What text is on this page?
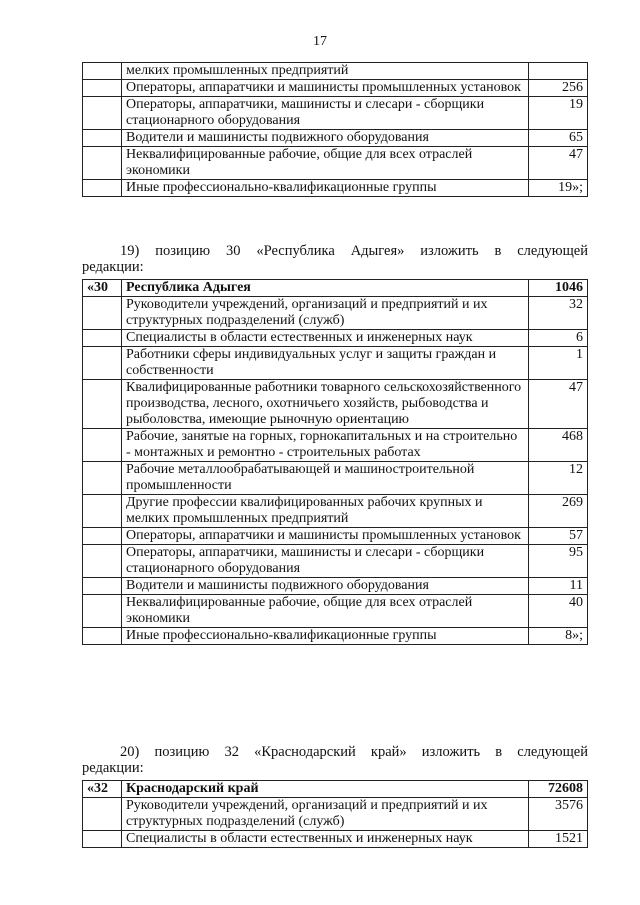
17
	мелких промышленных предприятий	
	Операторы, аппаратчики и машинисты промышленных установок	256
	Операторы, аппаратчики, машинисты и слесари - сборщики стационарного оборудования	19
	Водители и машинисты подвижного оборудования	65
	Неквалифицированные рабочие, общие для всех отраслей экономики	47
	Иные профессионально-квалификационные группы	19»;
19) позицию 30 «Республика Адыгея» изложить в следующей
редакции:
«30	Республика Адыгея	1046
	Руководители учреждений, организаций и предприятий и их структурных подразделений (служб)	32
	Специалисты в области естественных и инженерных наук	6
	Работники сферы индивидуальных услуг и защиты граждан и собственности	1
	Квалифицированные работники товарного сельскохозяйственного производства, лесного, охотничьего хозяйств, рыбоводства и рыболовства, имеющие рыночную ориентацию	47
	Рабочие, занятые на горных, горнокапитальных и на строительно - монтажных и ремонтно - строительных работах	468
	Рабочие металлообрабатывающей и машиностроительной промышленности	12
	Другие профессии квалифицированных рабочих крупных и мелких промышленных предприятий	269
	Операторы, аппаратчики и машинисты промышленных установок	57
	Операторы, аппаратчики, машинисты и слесари - сборщики стационарного оборудования	95
	Водители и машинисты подвижного оборудования	11
	Неквалифицированные рабочие, общие для всех отраслей экономики	40
	Иные профессионально-квалификационные группы	8»;
20) позицию 32 «Краснодарский край» изложить в следующей
редакции:
«32	Краснодарский край	72608
	Руководители учреждений, организаций и предприятий и их структурных подразделений (служб)	3576
	Специалисты в области естественных и инженерных наук	1521
